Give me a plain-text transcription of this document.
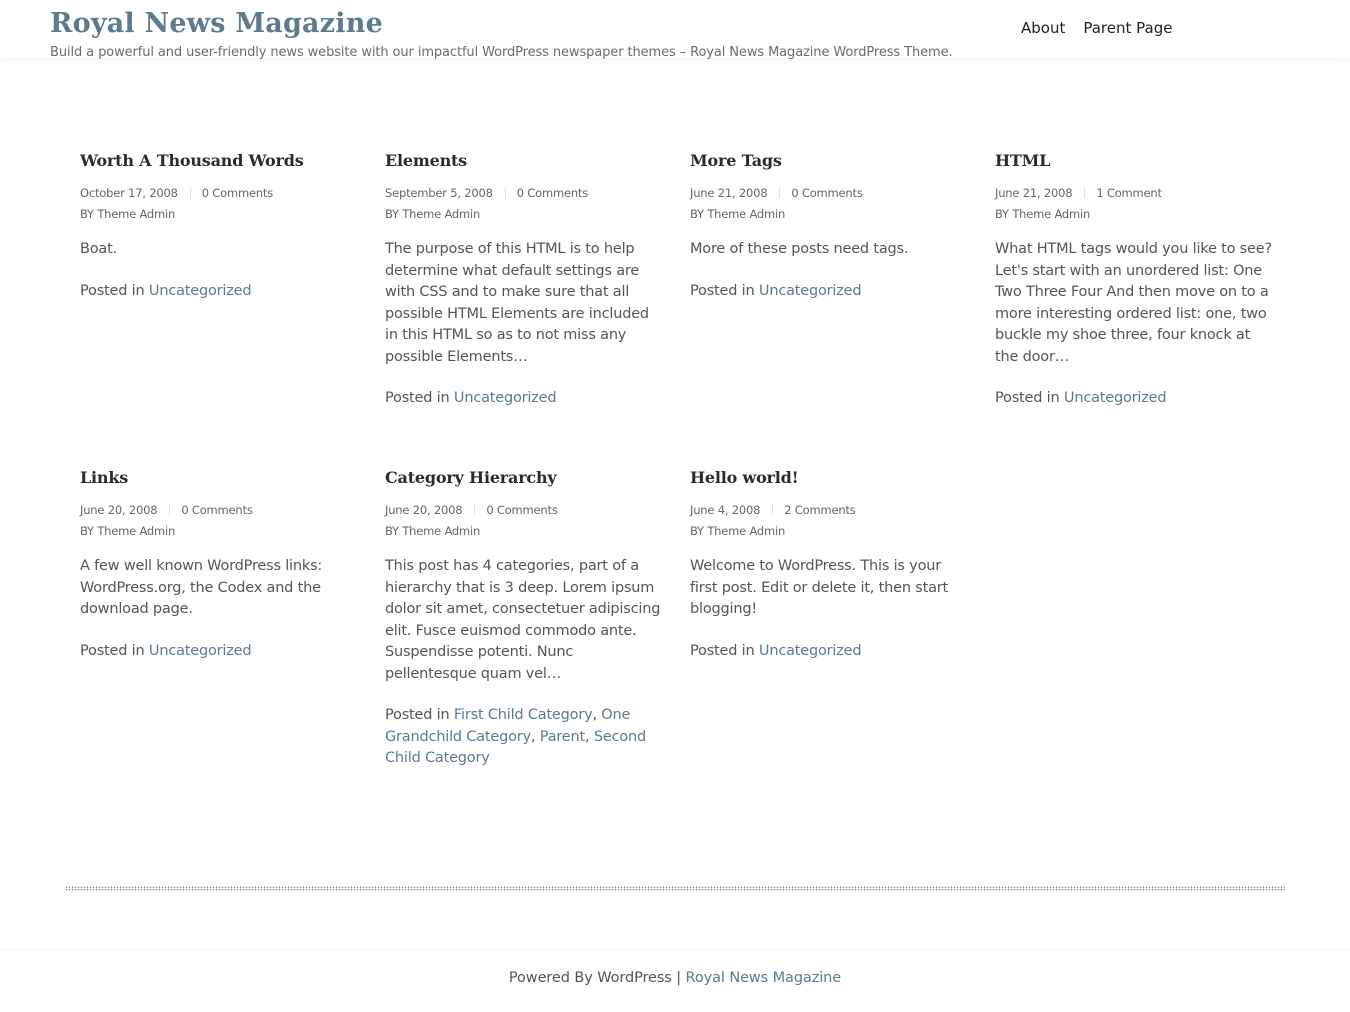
Royal News Magazine
Build a powerful and user-friendly news website with our impactful WordPress newspaper themes – Royal News Magazine WordPress Theme.
About Parent Page
Worth A Thousand Words
October 17, 2008 0 Comments
BY Theme Admin

Boat.

Posted in Uncategorized

Elements
September 5, 2008 0 Comments
BY Theme Admin

The purpose of this HTML is to help determine what default settings are with CSS and to make sure that all possible HTML Elements are included in this HTML so as to not miss any possible Elements…

Posted in Uncategorized

More Tags
June 21, 2008 0 Comments
BY Theme Admin

More of these posts need tags.

Posted in Uncategorized

HTML
June 21, 2008 1 Comment
BY Theme Admin

What HTML tags would you like to see? Let's start with an unordered list: One Two Three Four And then move on to a more interesting ordered list: one, two buckle my shoe three, four knock at the door…

Posted in Uncategorized

Links
June 20, 2008 0 Comments
BY Theme Admin

A few well known WordPress links: WordPress.org, the Codex and the download page.

Posted in Uncategorized

Category Hierarchy
June 20, 2008 0 Comments
BY Theme Admin

This post has 4 categories, part of a hierarchy that is 3 deep. Lorem ipsum dolor sit amet, consectetuer adipiscing elit. Fusce euismod commodo ante. Suspendisse potenti. Nunc pellentesque quam vel…

Posted in First Child Category, One Grandchild Category, Parent, Second Child Category

Hello world!
June 4, 2008 2 Comments
BY Theme Admin

Welcome to WordPress. This is your first post. Edit or delete it, then start blogging!

Posted in Uncategorized

Powered By WordPress | Royal News Magazine
